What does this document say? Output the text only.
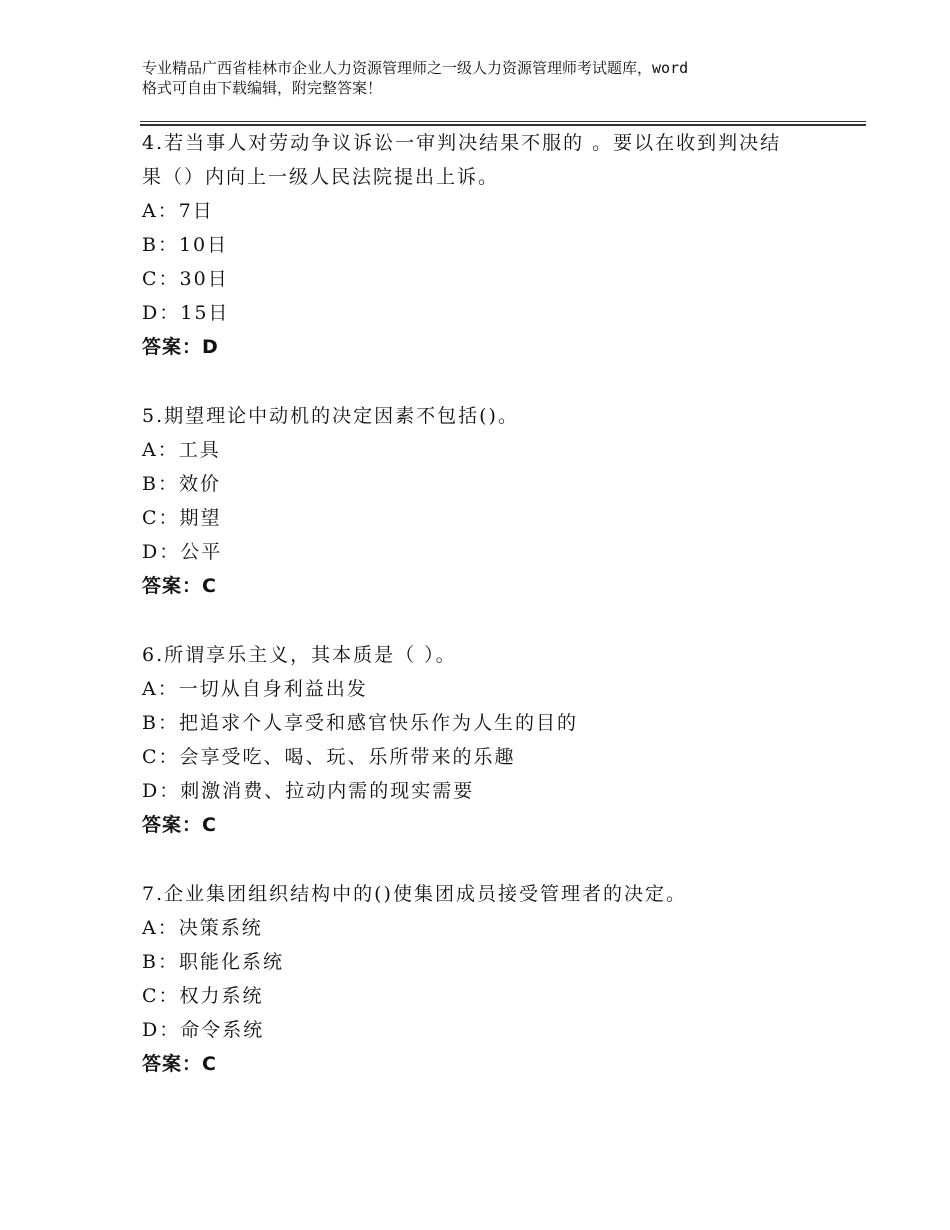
专业精品广西省桂林市企业人力资源管理师之一级人力资源管理师考试题库，word
格式可自由下载编辑，附完整答案！
4.若当事人对劳动争议诉讼一审判决结果不服的 。要以在收到判决结
果（）内向上一级人民法院提出上诉。
A：7日
B：10日
C：30日
D：15日
答案：D
5.期望理论中动机的决定因素不包括()。
A：工具
B：效价
C：期望
D：公平
答案：C
6.所谓享乐主义，其本质是（ ）。
A：一切从自身利益出发
B：把追求个人享受和感官快乐作为人生的目的
C：会享受吃、喝、玩、乐所带来的乐趣
D：刺激消费、拉动内需的现实需要
答案：C
7.企业集团组织结构中的()使集团成员接受管理者的决定。
A：决策系统
B：职能化系统
C：权力系统
D：命令系统
答案：C
